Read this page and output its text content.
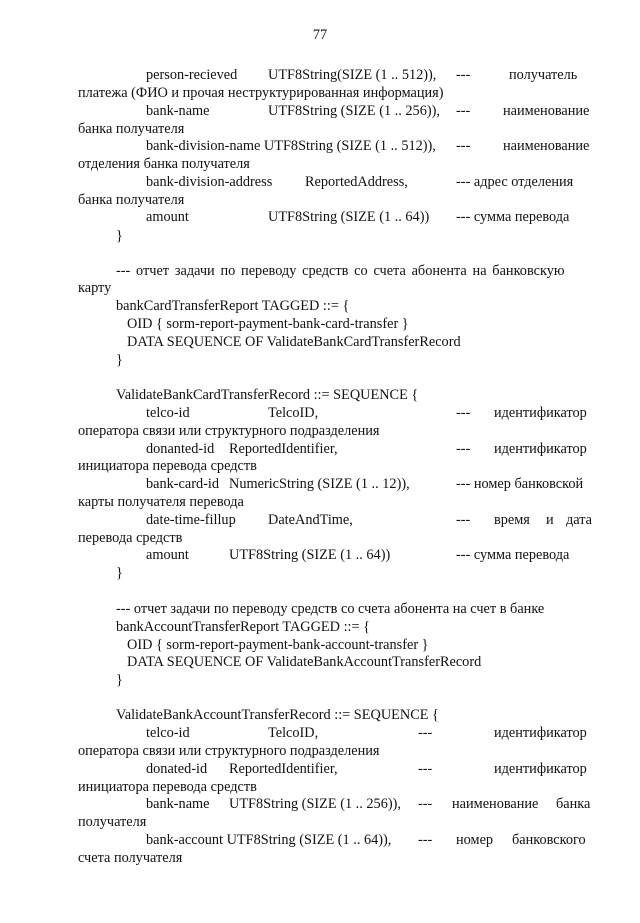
77
person-recieved UTF8String(SIZE (1 .. 512)), ---	получатель
платежа (ФИО и прочая неструктурированная информация)
bank-name	UTF8String (SIZE (1 .. 256)), --- наименование
банка получателя
bank-division-name UTF8String (SIZE (1 .. 512)), --- наименование
отделения банка получателя
bank-division-address ReportedAddress,	--- адрес отделения
банка получателя
amount	UTF8String (SIZE (1 .. 64)) --- сумма перевода
}
--- отчет задачи по переводу средств со счета абонента на банковскую
карту
bankCardTransferReport TAGGED ::= {
OID { sorm-report-payment-bank-card-transfer }
DATA SEQUENCE OF ValidateBankCardTransferRecord
}
ValidateBankCardTransferRecord ::= SEQUENCE {
telco-id	TelcoID,	--- идентификатор
оператора связи или структурного подразделения
donanted-id ReportedIdentifier,	--- идентификатор
инициатора перевода средств
bank-card-id NumericString (SIZE (1 .. 12)),	--- номер банковской
карты получателя перевода
date-time-fillup DateAndTime,	--- время и дата
перевода средств
amount	UTF8String (SIZE (1 .. 64))	--- сумма перевода
}
--- отчет задачи по переводу средств со счета абонента на счет в банке
bankAccountTransferReport TAGGED ::= {
OID { sorm-report-payment-bank-account-transfer }
DATA SEQUENCE OF ValidateBankAccountTransferRecord
}
ValidateBankAccountTransferRecord ::= SEQUENCE {
telco-id	TelcoID,	---	идентификатор
оператора связи или структурного подразделения
donated-id ReportedIdentifier,	---	идентификатор
инициатора перевода средств
bank-name UTF8String (SIZE (1 .. 256)), --- наименование банка
получателя
bank-account UTF8String (SIZE (1 .. 64)), --- номер банковского
счета получателя
